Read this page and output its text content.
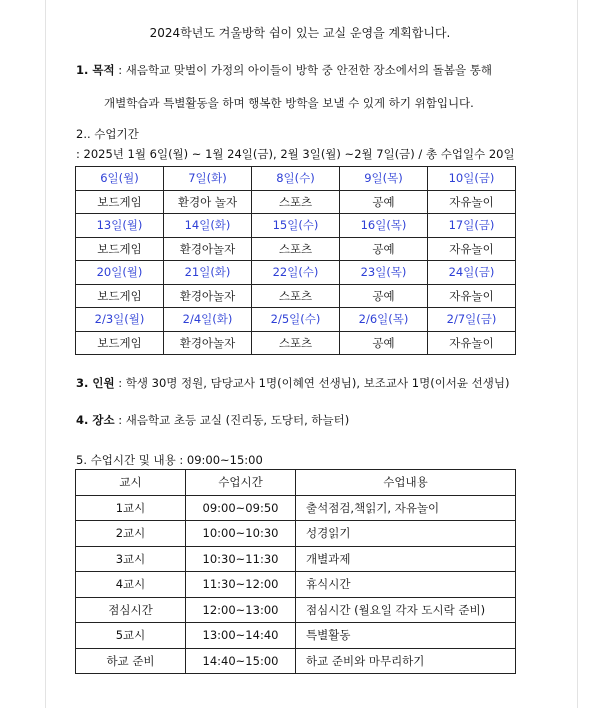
2024학년도 겨울방학 쉼이 있는 교실 운영을 계획합니다.
1. 목적 : 새음학교 맞벌이 가정의 아이들이 방학 중 안전한 장소에서의 돌봄을 통해
개별학습과 특별활동을 하며 행복한 방학을 보낼 수 있게 하기 위함입니다.
2.. 수업기간
: 2025년 1월 6일(월) ~ 1월 24일(금), 2월 3일(월) ~2월 7일(금) / 총 수업일수 20일
6일(월)	7일(화)	8일(수)	9일(목)	10일(금)
보드게임	환경아 놀자	스포츠	공예	자유놀이
13일(월)	14일(화)	15일(수)	16일(목)	17일(금)
보드게임	환경아놀자	스포츠	공예	자유놀이
20일(월)	21일(화)	22일(수)	23일(목)	24일(금)
보드게임	환경아놀자	스포츠	공예	자유놀이
2/3일(월)	2/4일(화)	2/5일(수)	2/6일(목)	2/7일(금)
보드게임	환경아놀자	스포츠	공예	자유놀이
3. 인원 : 학생 30명 정원, 담당교사 1명(이혜연 선생님), 보조교사 1명(이서윤 선생님)
4. 장소 : 새음학교 초등 교실 (진리동, 도당터, 하늘터)
5. 수업시간 및 내용 : 09:00~15:00
교시	수업시간	수업내용
1교시	09:00~09:50	출석점검,책읽기, 자유놀이
2교시	10:00~10:30	성경읽기
3교시	10:30~11:30	개별과제
4교시	11:30~12:00	휴식시간
점심시간	12:00~13:00	점심시간 (월요일 각자 도시락 준비)
5교시	13:00~14:40	특별활동
하교 준비	14:40~15:00	하교 준비와 마무리하기
